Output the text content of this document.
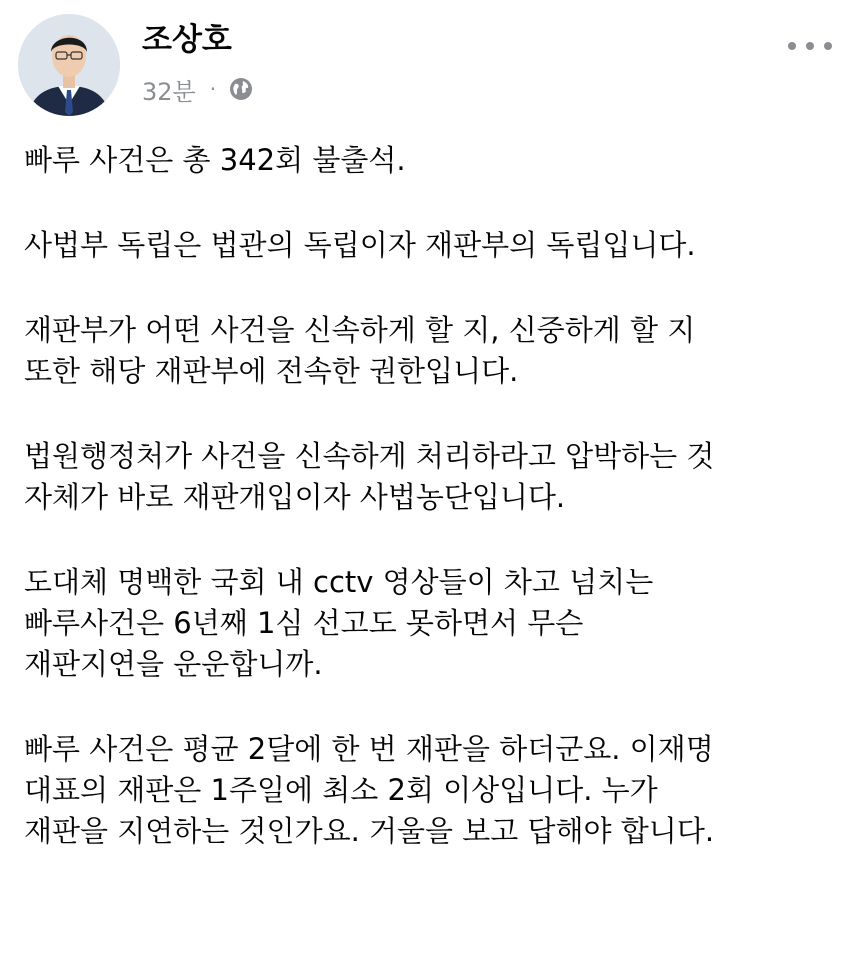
조상호
32분 ·

빠루 사건은 총 342회 불출석.

사법부 독립은 법관의 독립이자 재판부의 독립입니다.

재판부가 어떤 사건을 신속하게 할 지, 신중하게 할 지
또한 해당 재판부에 전속한 권한입니다.

법원행정처가 사건을 신속하게 처리하라고 압박하는 것
자체가 바로 재판개입이자 사법농단입니다.

도대체 명백한 국회 내 cctv 영상들이 차고 넘치는
빠루사건은 6년째 1심 선고도 못하면서 무슨
재판지연을 운운합니까.

빠루 사건은 평균 2달에 한 번 재판을 하더군요. 이재명
대표의 재판은 1주일에 최소 2회 이상입니다. 누가
재판을 지연하는 것인가요. 거울을 보고 답해야 합니다.
